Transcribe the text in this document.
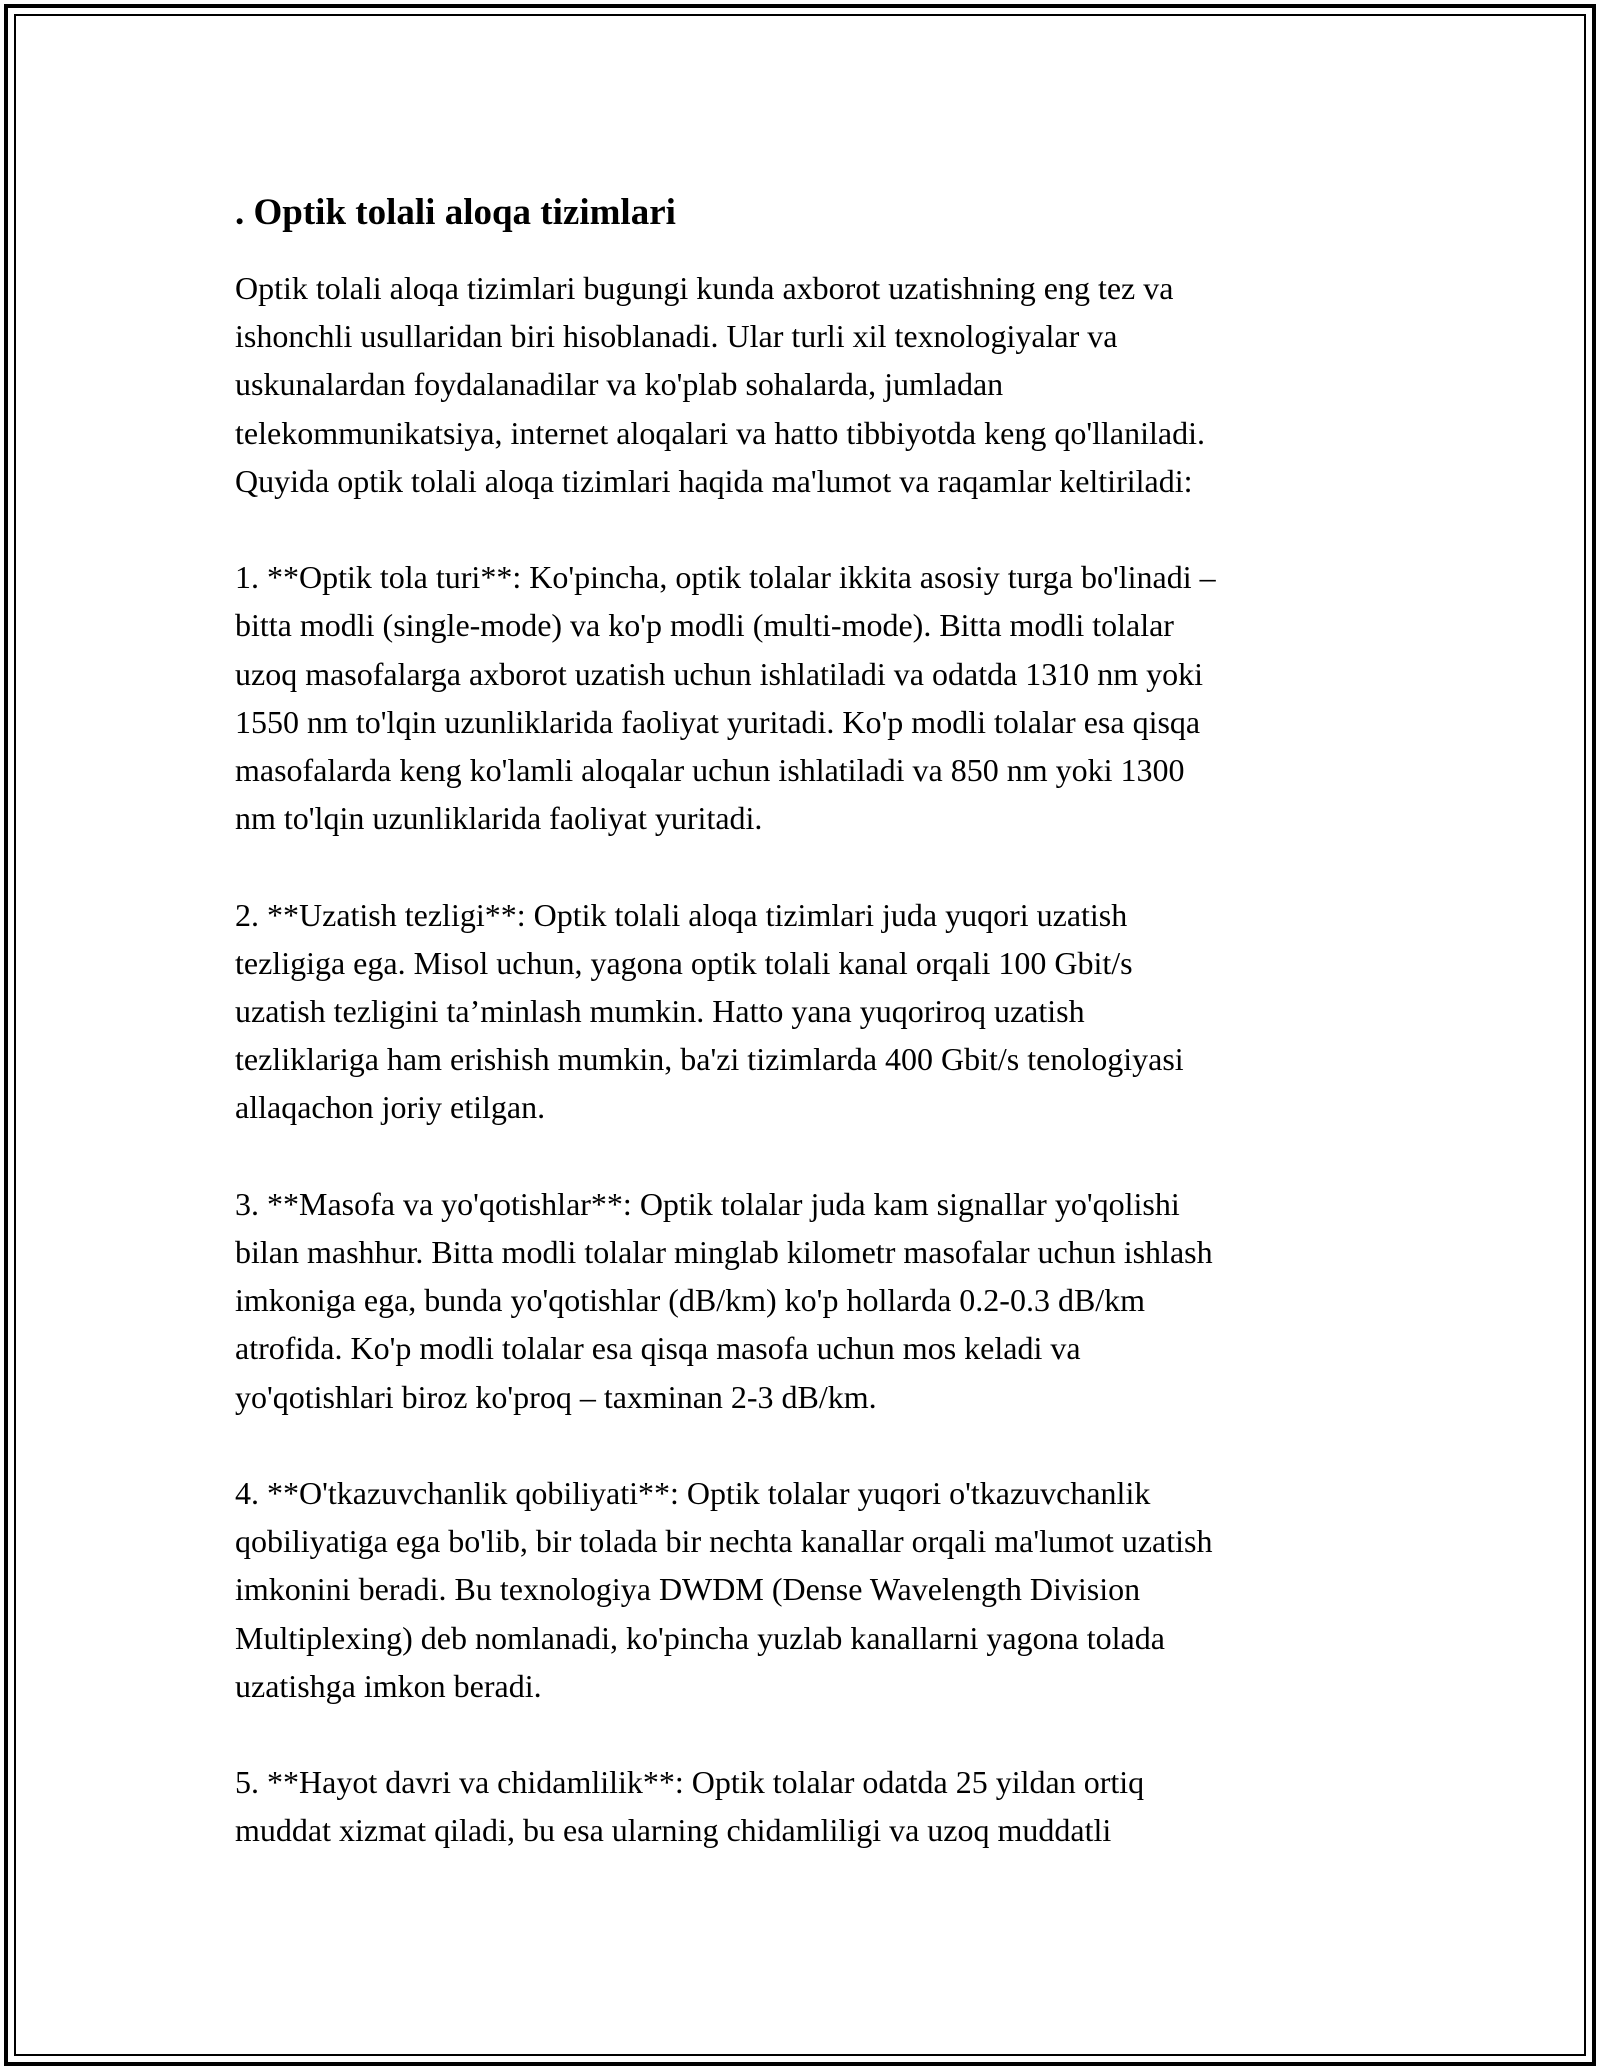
. Optik tolali aloqa tizimlari

Optik tolali aloqa tizimlari bugungi kunda axborot uzatishning eng tez va
ishonchli usullaridan biri hisoblanadi. Ular turli xil texnologiyalar va
uskunalardan foydalanadilar va ko'plab sohalarda, jumladan
telekommunikatsiya, internet aloqalari va hatto tibbiyotda keng qo'llaniladi.
Quyida optik tolali aloqa tizimlari haqida ma'lumot va raqamlar keltiriladi:

1. **Optik tola turi**: Ko'pincha, optik tolalar ikkita asosiy turga bo'linadi –
bitta modli (single-mode) va ko'p modli (multi-mode). Bitta modli tolalar
uzoq masofalarga axborot uzatish uchun ishlatiladi va odatda 1310 nm yoki
1550 nm to'lqin uzunliklarida faoliyat yuritadi. Ko'p modli tolalar esa qisqa
masofalarda keng ko'lamli aloqalar uchun ishlatiladi va 850 nm yoki 1300
nm to'lqin uzunliklarida faoliyat yuritadi.

2. **Uzatish tezligi**: Optik tolali aloqa tizimlari juda yuqori uzatish
tezligiga ega. Misol uchun, yagona optik tolali kanal orqali 100 Gbit/s
uzatish tezligini ta’minlash mumkin. Hatto yana yuqoriroq uzatish
tezliklariga ham erishish mumkin, ba'zi tizimlarda 400 Gbit/s tenologiyasi
allaqachon joriy etilgan.

3. **Masofa va yo'qotishlar**: Optik tolalar juda kam signallar yo'qolishi
bilan mashhur. Bitta modli tolalar minglab kilometr masofalar uchun ishlash
imkoniga ega, bunda yo'qotishlar (dB/km) ko'p hollarda 0.2-0.3 dB/km
atrofida. Ko'p modli tolalar esa qisqa masofa uchun mos keladi va
yo'qotishlari biroz ko'proq – taxminan 2-3 dB/km.

4. **O'tkazuvchanlik qobiliyati**: Optik tolalar yuqori o'tkazuvchanlik
qobiliyatiga ega bo'lib, bir tolada bir nechta kanallar orqali ma'lumot uzatish
imkonini beradi. Bu texnologiya DWDM (Dense Wavelength Division
Multiplexing) deb nomlanadi, ko'pincha yuzlab kanallarni yagona tolada
uzatishga imkon beradi.

5. **Hayot davri va chidamlilik**: Optik tolalar odatda 25 yildan ortiq
muddat xizmat qiladi, bu esa ularning chidamliligi va uzoq muddatli
